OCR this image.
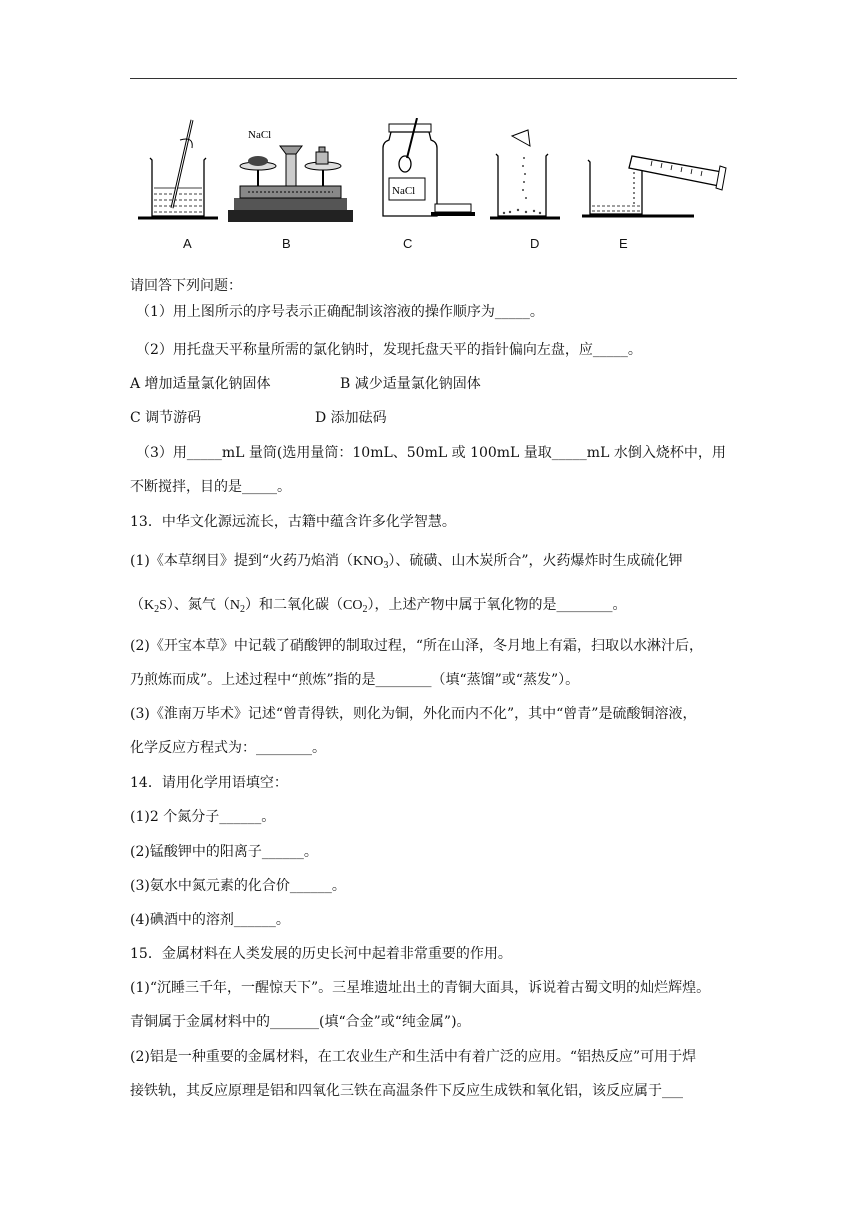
NaCl
NaCl
A	B	C	D	E
请回答下列问题：
（1）用上图所示的序号表示正确配制该溶液的操作顺序为_____。
（2）用托盘天平称量所需的氯化钠时，发现托盘天平的指针偏向左盘，应_____。
A 增加适量氯化钠固体	B 减少适量氯化钠固体
C 调节游码	D 添加砝码
（3）用_____mL 量筒(选用量筒：10mL、50mL 或 100mL 量取_____mL 水倒入烧杯中，用
不断搅拌，目的是_____。
13．中华文化源远流长，古籍中蕴含许多化学智慧。
(1)《本草纲目》提到“火药乃焰消$(KNO_3)$、硫磺、山木炭所合”，火药爆炸时生成硫化钾
$(K_2S)$、氮气$(N_2)$和二氧化碳$(CO_2)$，上述产物中属于氧化物的是________。
(2)《开宝本草》中记载了硝酸钾的制取过程，“所在山泽，冬月地上有霜，扫取以水淋汁后，
乃煎炼而成”。上述过程中“煎炼”指的是________（填“蒸馏”或“蒸发”）。
(3)《淮南万毕术》记述“曾青得铁，则化为铜，外化而内不化”，其中“曾青”是硫酸铜溶液，
化学反应方程式为：________。
14．请用化学用语填空：
(1)2 个氮分子______。
(2)锰酸钾中的阳离子______。
(3)氨水中氮元素的化合价______。
(4)碘酒中的溶剂______。
15．金属材料在人类发展的历史长河中起着非常重要的作用。
(1)“沉睡三千年，一醒惊天下”。三星堆遗址出土的青铜大面具，诉说着古蜀文明的灿烂辉煌。
青铜属于金属材料中的_______(填“合金”或“纯金属”)。
(2)铝是一种重要的金属材料，在工农业生产和生活中有着广泛的应用。“铝热反应”可用于焊
接铁轨，其反应原理是铝和四氧化三铁在高温条件下反应生成铁和氧化铝，该反应属于___
